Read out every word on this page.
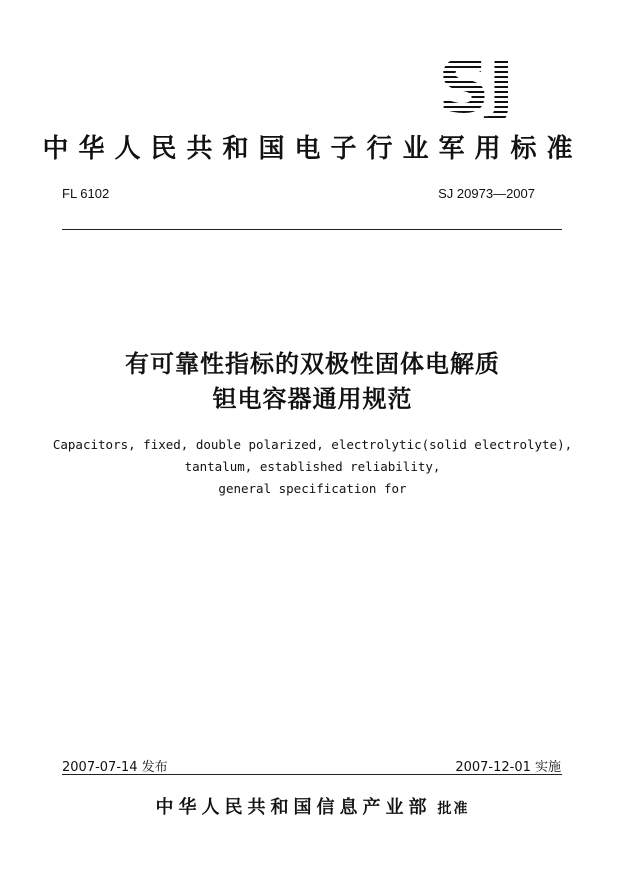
SJ
中华人民共和国电子行业军用标准
FL 6102	SJ 20973—2007
有可靠性指标的双极性固体电解质
钽电容器通用规范
Capacitors, fixed, double polarized, electrolytic(solid electrolyte),
tantalum, established reliability,
general specification for
2007-07-14 发布	2007-12-01 实施
中华人民共和国信息产业部 批准
